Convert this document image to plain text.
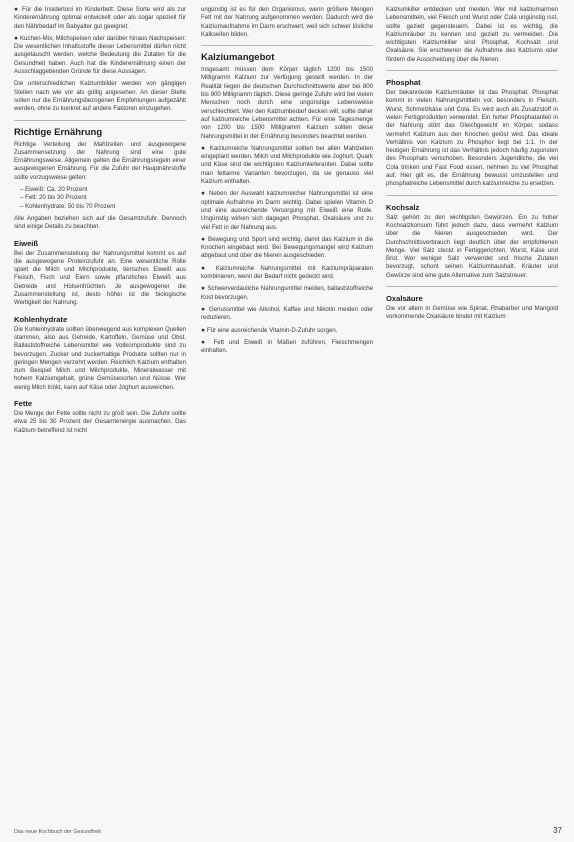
● Für die Insidertoni im Kinderbett: Diese Sorte wird als zur Kinderernährung optimal entwickelt oder als sogar speziell für den Nährbedarf im Babyalter gut geeignet.

● Kuchen-Mix, Milchspeisen oder darüber hinaus Nachspeisen: Die wesentlichen Inhaltsstoffe dieser Lebensmittel dürfen nicht ausgetauscht werden, welche Bedeutung die Zutaten für die Gesundheit haben. Auch hat die Kinderernährung einen der Ausschlaggebenden Gründe für diese Aussagen.

Die unterschiedlichen Kalziumbilder werden von gängigen Stellen nach wie vor als gültig angesehen. An dieser Stelle sollen nur die Ernährungsbezogenen Empfehlungen aufgezählt werden, ohne zu konkret auf andere Faktoren einzugehen.

Richtige Ernährung

Richtige Verteilung der Mahlzeiten und ausgewogene Zusammensetzung der Nahrung sind eine gute Ernährungsweise. Allgemein gelten die Ernährungsregeln einer ausgewogenen Ernährung. Für die Zufuhr der Hauptnährstoffe sollte vorzugsweise gelten:

– Eiweiß: Ca. 20 Prozent
– Fett: 20 bis 30 Prozent
– Kohlenhydrate: 50 bis 70 Prozent

Alle Angaben beziehen sich auf die Gesamtzufuhr. Dennoch sind einige Details zu beachten.

Eiweiß

Bei der Zusammenstellung der Nahrungsmittel kommt es auf die ausgewogene Proteinzufuhr an. Eine wesentliche Rolle spielt die Milch und Milchprodukte, tierisches Eiweiß aus Fleisch, Fisch und Eiern sowie pflanzliches Eiweiß aus Getreide und Hülsenfrüchten. Je ausgewogener die Zusammenstellung ist, desto höher ist die biologische Wertigkeit der Nahrung.

Kohlenhydrate

Die Kohlenhydrate sollten überwiegend aus komplexen Quellen stammen, also aus Getreide, Kartoffeln, Gemüse und Obst. Ballaststoffreiche Lebensmittel wie Vollkornprodukte sind zu bevorzugen. Zucker und zuckerhaltige Produkte sollten nur in geringen Mengen verzehrt werden. Reichlich Kalzium enthalten zum Beispiel Milch und Milchprodukte, Mineralwasser mit hohem Kalziumgehalt, grüne Gemüsesorten und Nüsse. Wer wenig Milch trinkt, kann auf Käse oder Joghurt ausweichen.

Fette

Die Menge der Fette sollte nicht zu groß sein. Die Zufuhr sollte etwa 25 bis 30 Prozent der Gesamtenergie ausmachen. Das Kalzium betreffend ist nicht

ungünstig ist es für den Organismus, wenn größere Mengen Fett mit der Nahrung aufgenommen werden. Dadurch wird die Kalziumaufnahme im Darm erschwert, weil sich schwer lösliche Kalkseifen bilden.

Kalziumangebot

Insgesamt müssen dem Körper täglich 1200 bis 1500 Milligramm Kalzium zur Verfügung gestellt werden. In der Realität liegen die deutschen Durchschnittswerte aber bei 800 bis 900 Milligramm täglich. Diese geringe Zufuhr wird bei vielen Menschen noch durch eine ungünstige Lebensweise verschlechtert. Wer den Kalziumbedarf decken will, sollte daher auf kalziumreiche Lebensmittel achten. Für eine Tagesmenge von 1200 bis 1500 Milligramm Kalzium sollten diese Nahrungsmittel in der Ernährung besonders beachtet werden.

● Kalziumreiche Nahrungsmittel sollten bei allen Mahlzeiten eingeplant werden. Milch und Milchprodukte wie Joghurt, Quark und Käse sind die wichtigsten Kalziumlieferanten. Dabei sollte man fettarme Varianten bevorzugen, da sie genauso viel Kalzium enthalten.

● Neben der Auswahl kalziumreicher Nahrungsmittel ist eine optimale Aufnahme im Darm wichtig. Dabei spielen Vitamin D und eine ausreichende Versorgung mit Eiweiß eine Rolle. Ungünstig wirken sich dagegen Phosphat, Oxalsäure und zu viel Fett in der Nahrung aus.

● Bewegung und Sport sind wichtig, damit das Kalzium in die Knochen eingebaut wird. Bei Bewegungsmangel wird Kalzium abgebaut und über die Nieren ausgeschieden.

● Kalziumreiche Nahrungsmittel mit Kalziumpräparaten kombinieren, wenn der Bedarf nicht gedeckt wird.

● Schwerverdauliche Nahrungsmittel meiden, ballaststoffreiche Kost bevorzugen.

● Genussmittel wie Alkohol, Kaffee und Nikotin meiden oder reduzieren.

● Für eine ausreichende Vitamin-D-Zufuhr sorgen.

● Fett und Eiweiß in Maßen zuführen, Fleischmengen einhalten.

Kalziumkiller entdecken und meiden. Wer mit kalziumarmen Lebensmitteln, viel Fleisch und Wurst oder Cola ungünstig isst, sollte gezielt gegensteuern. Dabei ist es wichtig, die Kalziumräuber zu kennen und gezielt zu vermeiden. Die wichtigsten Kalziumkiller sind Phosphat, Kochsalz und Oxalsäure. Sie erschweren die Aufnahme des Kalziums oder fördern die Ausscheidung über die Nieren.

Phosphat

Der bekannteste Kalziumräuber ist das Phosphat. Phosphat kommt in vielen Nahrungsmitteln vor, besonders in Fleisch, Wurst, Schmelzkäse und Cola. Es wird auch als Zusatzstoff in vielen Fertigprodukten verwendet. Ein hoher Phosphatanteil in der Nahrung stört das Gleichgewicht im Körper, sodass vermehrt Kalzium aus den Knochen gelöst wird. Das ideale Verhältnis von Kalzium zu Phosphor liegt bei 1:1. In der heutigen Ernährung ist das Verhältnis jedoch häufig zugunsten des Phosphats verschoben. Besonders Jugendliche, die viel Cola trinken und Fast Food essen, nehmen zu viel Phosphat auf. Hier gilt es, die Ernährung bewusst umzustellen und phosphatreiche Lebensmittel durch kalziumreiche zu ersetzen.

Kochsalz

Salz gehört zu den wichtigsten Gewürzen. Ein zu hoher Kochsalzkonsum führt jedoch dazu, dass vermehrt Kalzium über die Nieren ausgeschieden wird. Der Durchschnittsverbrauch liegt deutlich über der empfohlenen Menge. Viel Salz steckt in Fertiggerichten, Wurst, Käse und Brot. Wer weniger Salz verwendet und frische Zutaten bevorzugt, schont seinen Kalziumhaushalt. Kräuter und Gewürze sind eine gute Alternative zum Salzstreuer.

Oxalsäure

Die vor allem in Gemüse wie Spinat, Rhabarber und Mangold vorkommende Oxalsäure bindet mit Kalzium

Das neue Kochbuch der Gesundheit	37
